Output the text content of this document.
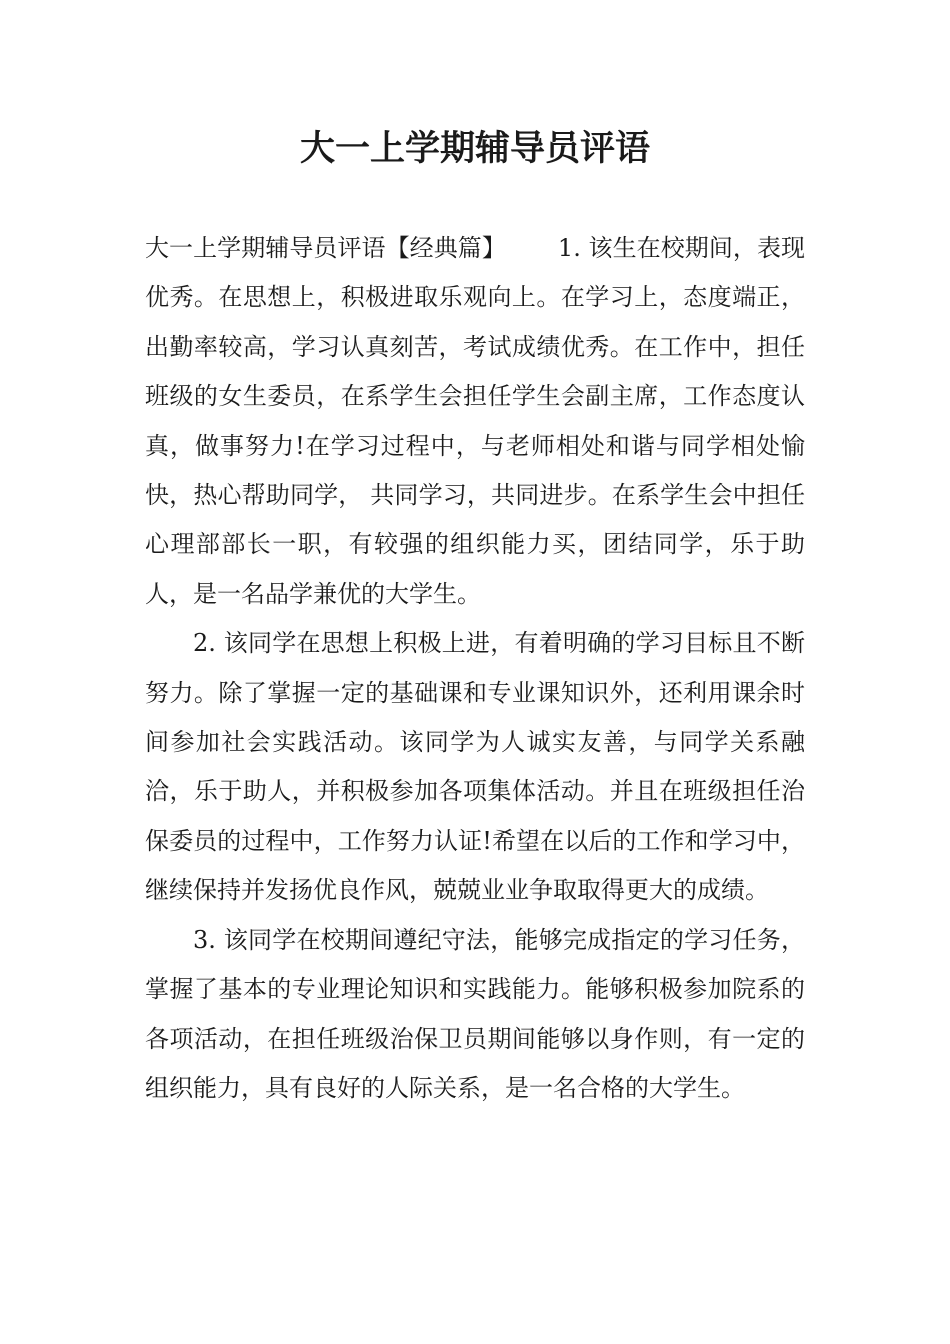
大一上学期辅导员评语

大一上学期辅导员评语【经典篇】 1. 该生在校期间，表现优秀。在思想上，积极进取乐观向上。在学习上，态度端正，出勤率较高，学习认真刻苦，考试成绩优秀。在工作中，担任班级的女生委员，在系学生会担任学生会副主席，工作态度认真，做事努力!在学习过程中，与老师相处和谐与同学相处愉快，热心帮助同学， 共同学习，共同进步。在系学生会中担任心理部部长一职，有较强的组织能力买，团结同学，乐于助人，是一名品学兼优的大学生。

2. 该同学在思想上积极上进，有着明确的学习目标且不断努力。除了掌握一定的基础课和专业课知识外，还利用课余时间参加社会实践活动。该同学为人诚实友善，与同学关系融洽，乐于助人，并积极参加各项集体活动。并且在班级担任治保委员的过程中，工作努力认证!希望在以后的工作和学习中，继续保持并发扬优良作风，兢兢业业争取取得更大的成绩。

3. 该同学在校期间遵纪守法，能够完成指定的学习任务，掌握了基本的专业理论知识和实践能力。能够积极参加院系的各项活动，在担任班级治保卫员期间能够以身作则，有一定的组织能力，具有良好的人际关系，是一名合格的大学生。
